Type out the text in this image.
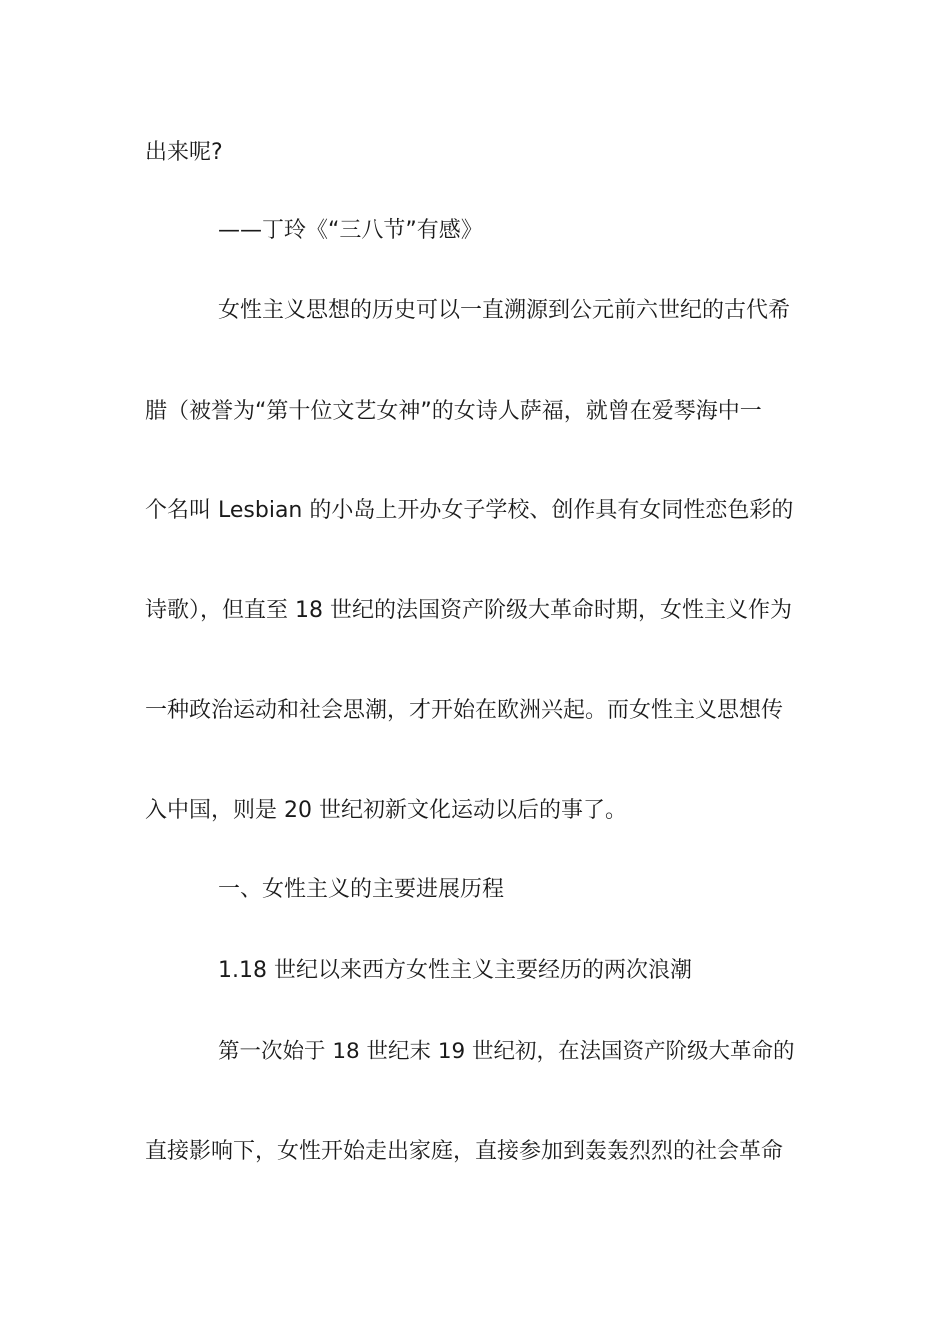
出来呢?
——丁玲《“三八节”有感》
女性主义思想的历史可以一直溯源到公元前六世纪的古代希
腊（被誉为“第十位文艺女神”的女诗人萨福，就曾在爱琴海中一
个名叫 Lesbian 的小岛上开办女子学校、创作具有女同性恋色彩的
诗歌），但直至 18 世纪的法国资产阶级大革命时期，女性主义作为
一种政治运动和社会思潮，才开始在欧洲兴起。而女性主义思想传
入中国，则是 20 世纪初新文化运动以后的事了。
一、女性主义的主要进展历程
1.18 世纪以来西方女性主义主要经历的两次浪潮
第一次始于 18 世纪末 19 世纪初，在法国资产阶级大革命的
直接影响下，女性开始走出家庭，直接参加到轰轰烈烈的社会革命
